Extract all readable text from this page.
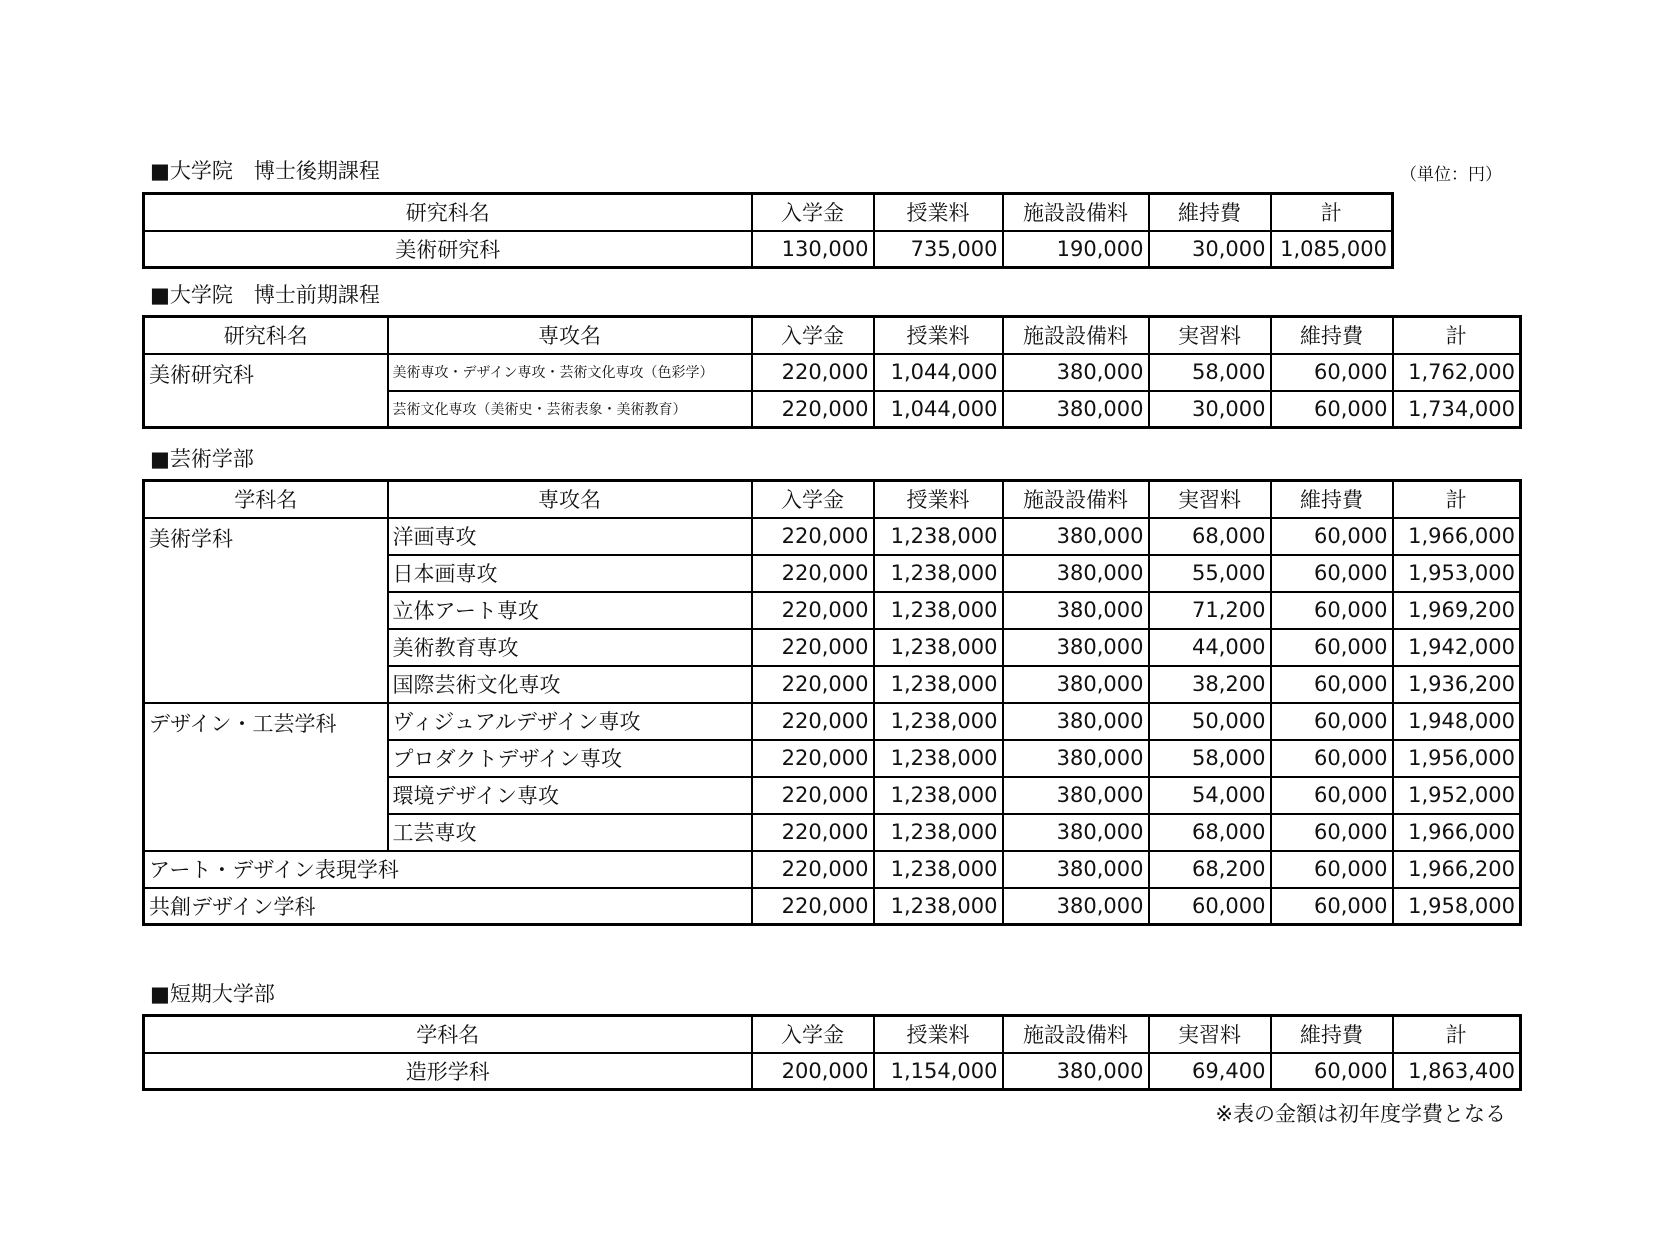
■大学院　博士後期課程	（単位：円）
研究科名	入学金	授業料	施設設備料	維持費	計
美術研究科	130,000	735,000	190,000	30,000	1,085,000
■大学院　博士前期課程
研究科名	専攻名	入学金	授業料	施設設備料	実習料	維持費	計
美術研究科	美術専攻・デザイン専攻・芸術文化専攻（色彩学）	220,000	1,044,000	380,000	58,000	60,000	1,762,000
	芸術文化専攻（美術史・芸術表象・美術教育）	220,000	1,044,000	380,000	30,000	60,000	1,734,000
■芸術学部
学科名	専攻名	入学金	授業料	施設設備料	実習料	維持費	計
美術学科	洋画専攻	220,000	1,238,000	380,000	68,000	60,000	1,966,000
	日本画専攻	220,000	1,238,000	380,000	55,000	60,000	1,953,000
	立体アート専攻	220,000	1,238,000	380,000	71,200	60,000	1,969,200
	美術教育専攻	220,000	1,238,000	380,000	44,000	60,000	1,942,000
	国際芸術文化専攻	220,000	1,238,000	380,000	38,200	60,000	1,936,200
デザイン・工芸学科	ヴィジュアルデザイン専攻	220,000	1,238,000	380,000	50,000	60,000	1,948,000
	プロダクトデザイン専攻	220,000	1,238,000	380,000	58,000	60,000	1,956,000
	環境デザイン専攻	220,000	1,238,000	380,000	54,000	60,000	1,952,000
	工芸専攻	220,000	1,238,000	380,000	68,000	60,000	1,966,000
アート・デザイン表現学科		220,000	1,238,000	380,000	68,200	60,000	1,966,200
共創デザイン学科		220,000	1,238,000	380,000	60,000	60,000	1,958,000
■短期大学部
学科名	入学金	授業料	施設設備料	実習料	維持費	計
造形学科	200,000	1,154,000	380,000	69,400	60,000	1,863,400
※表の金額は初年度学費となる
